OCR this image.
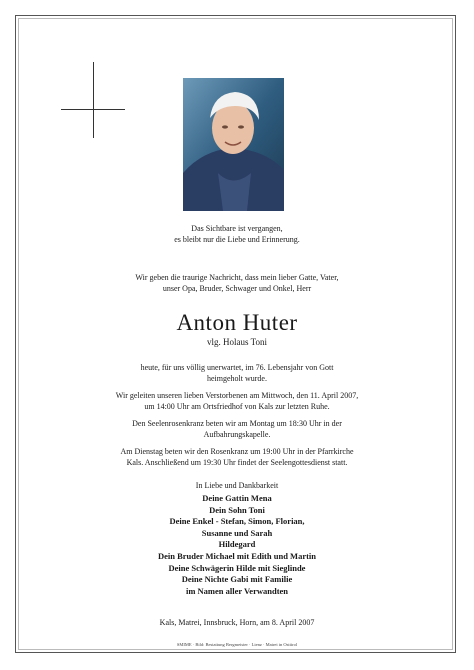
Das Sichtbare ist vergangen,
es bleibt nur die Liebe und Erinnerung.
Wir geben die traurige Nachricht, dass mein lieber Gatte, Vater,
unser Opa, Bruder, Schwager und Onkel, Herr
Anton Huter
vlg. Holaus Toni
heute, für uns völlig unerwartet, im 76. Lebensjahr von Gott
heimgeholt wurde.
Wir geleiten unseren lieben Verstorbenen am Mittwoch, den 11. April 2007,
um 14:00 Uhr am Ortsfriedhof von Kals zur letzten Ruhe.
Den Seelenrosenkranz beten wir am Montag um 18:30 Uhr in der
Aufbahrungskapelle.
Am Dienstag beten wir den Rosenkranz um 19:00 Uhr in der Pfarrkirche
Kals. Anschließend um 19:30 Uhr findet der Seelengottesdienst statt.
In Liebe und Dankbarkeit
Deine Gattin Mena
Dein Sohn Toni
Deine Enkel - Stefan, Simon, Florian,
Susanne und Sarah
Hildegard
Dein Bruder Michael mit Edith und Martin
Deine Schwägerin Hilde mit Sieglinde
Deine Nichte Gabi mit Familie
im Namen aller Verwandten
Kals, Matrei, Innsbruck, Horn, am 8. April 2007
SMIME · Bild: Bestattung Bergmeister · Lienz · Matrei in Osttirol
